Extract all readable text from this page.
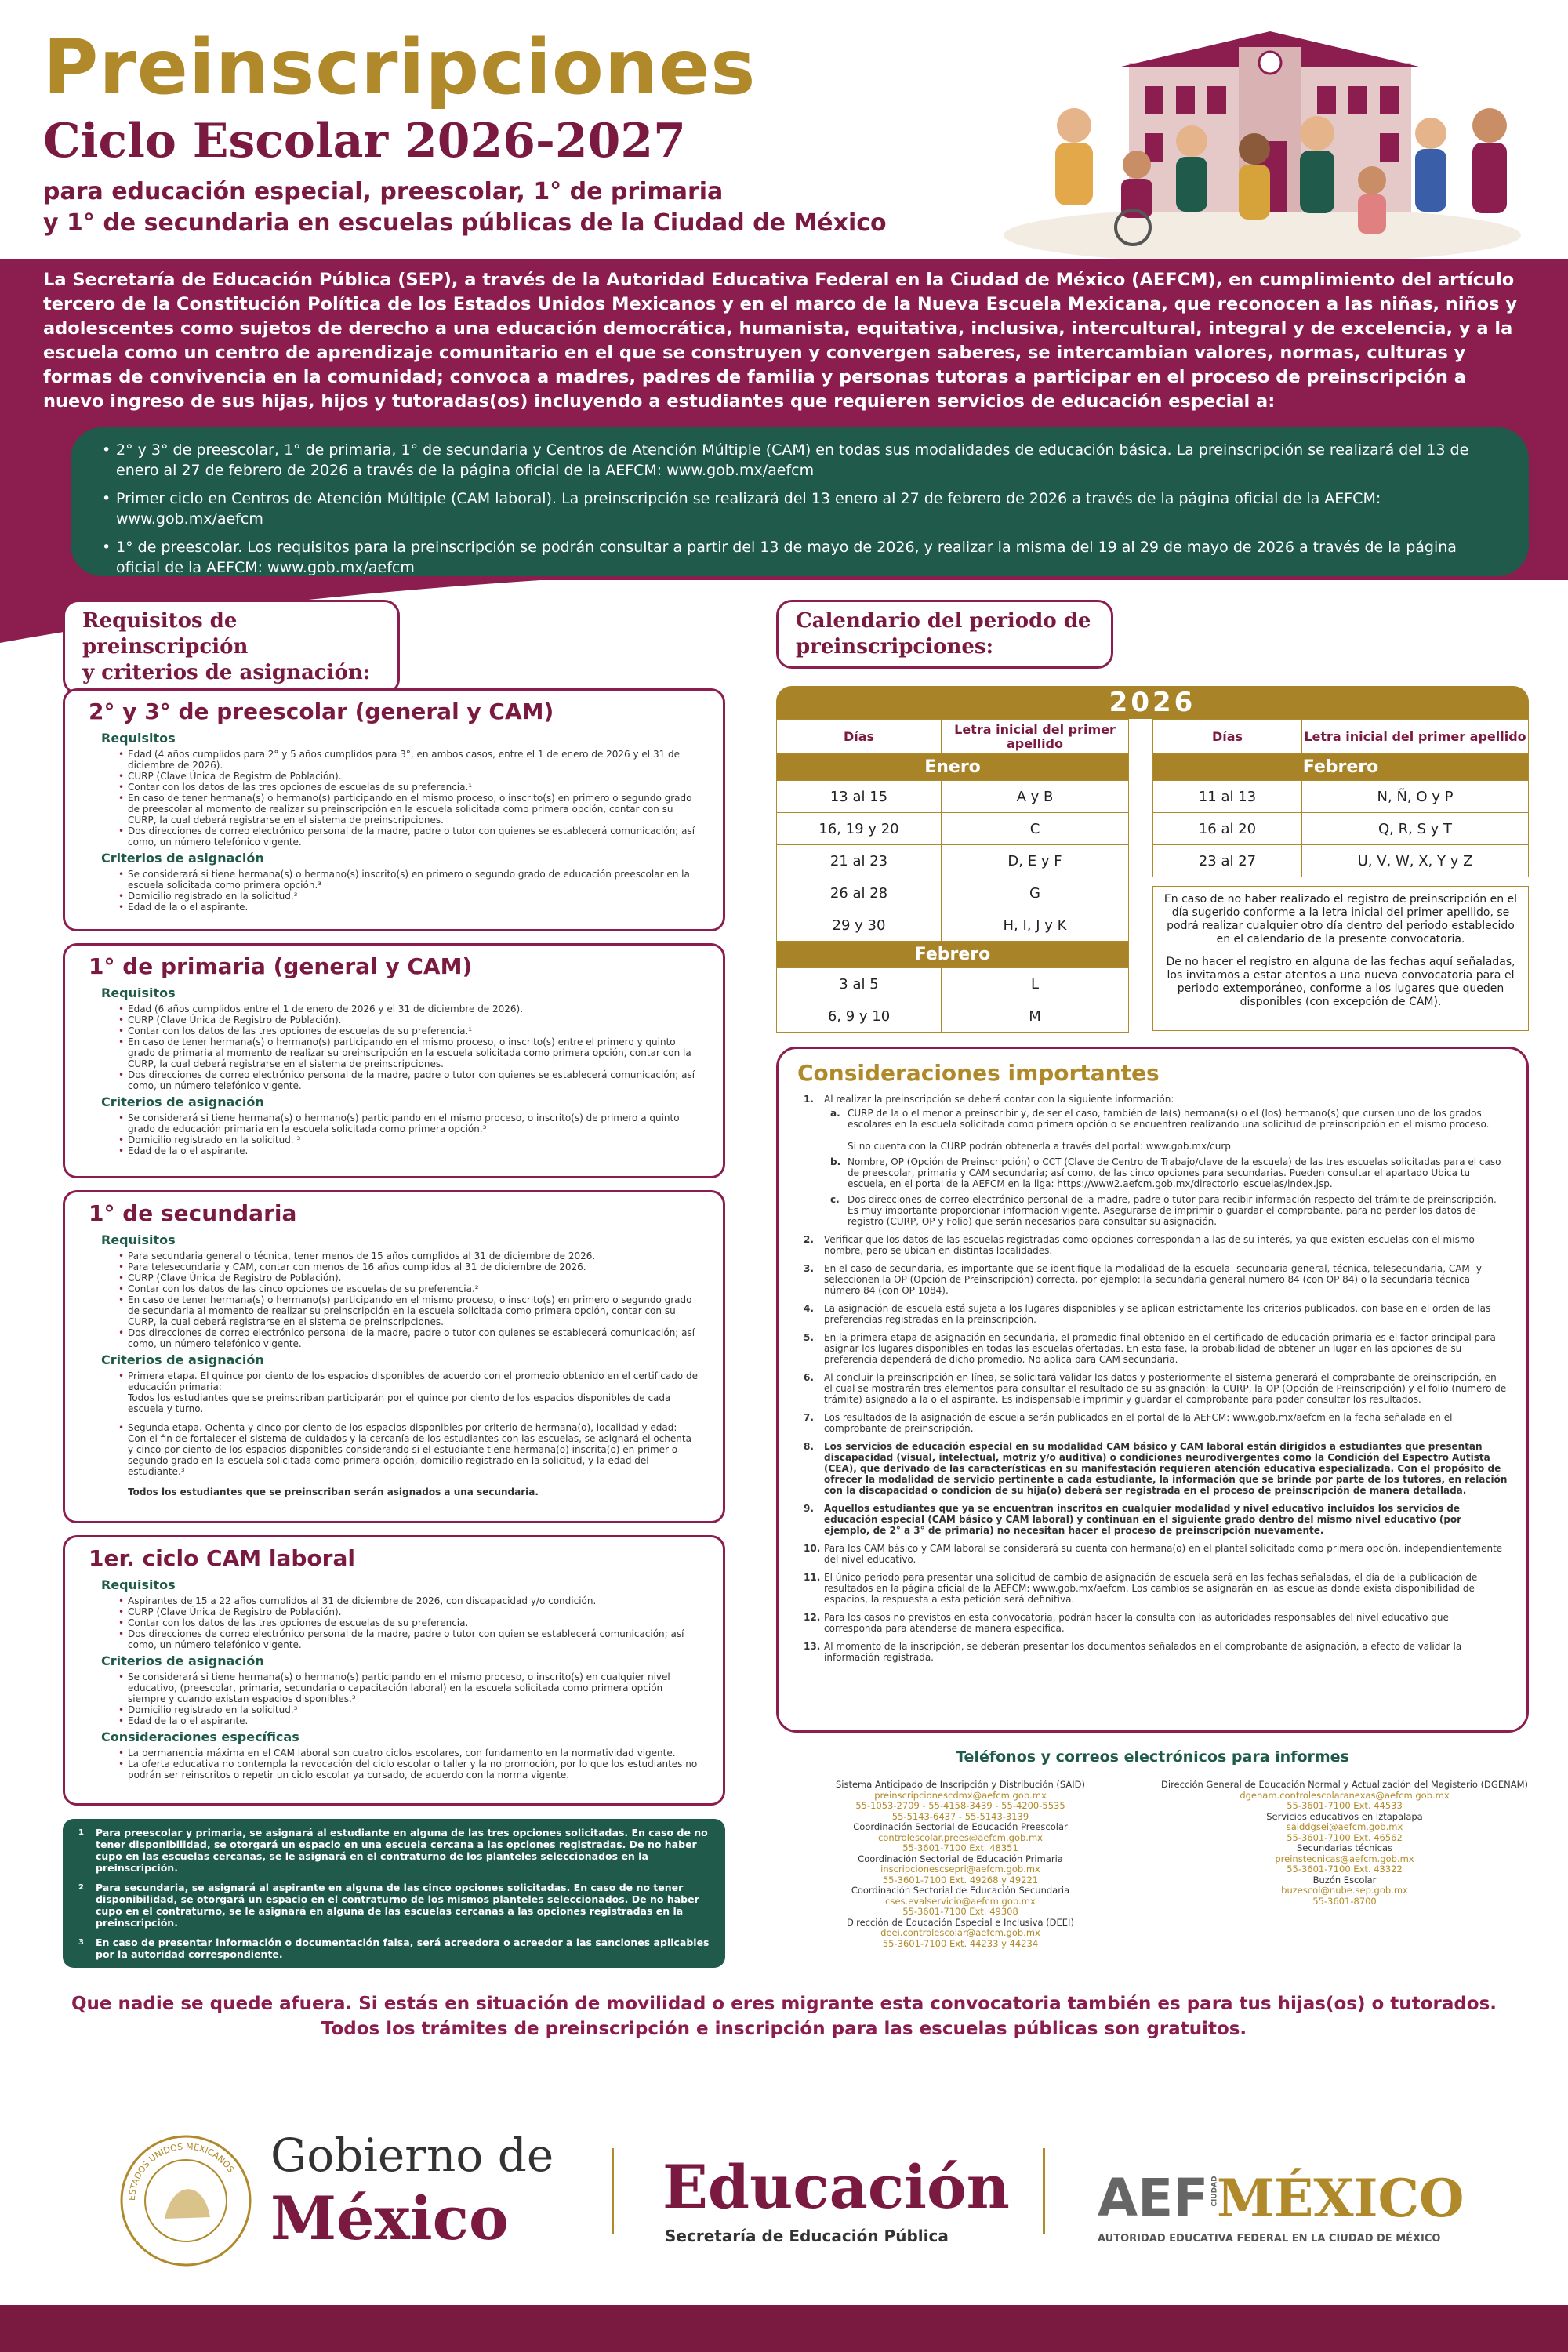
Preinscripciones
Ciclo Escolar 2026-2027
para educación especial, preescolar, 1° de primaria
y 1° de secundaria en escuelas públicas de la Ciudad de México
La Secretaría de Educación Pública (SEP), a través de la Autoridad Educativa Federal en la Ciudad de México (AEFCM), en cumplimiento del artículo tercero de la Constitución Política de los Estados Unidos Mexicanos y en el marco de la Nueva Escuela Mexicana, que reconocen a las niñas, niños y adolescentes como sujetos de derecho a una educación democrática, humanista, equitativa, inclusiva, intercultural, integral y de excelencia, y a la escuela como un centro de aprendizaje comunitario en el que se construyen y convergen saberes, se intercambian valores, normas, culturas y formas de convivencia en la comunidad; convoca a madres, padres de familia y personas tutoras a participar en el proceso de preinscripción a nuevo ingreso de sus hijas, hijos y tutoradas(os) incluyendo a estudiantes que requieren servicios de educación especial a:
• 2° y 3° de preescolar, 1° de primaria, 1° de secundaria y Centros de Atención Múltiple (CAM) en todas sus modalidades de educación básica. La preinscripción se realizará del 13 de enero al 27 de febrero de 2026 a través de la página oficial de la AEFCM: www.gob.mx/aefcm
• Primer ciclo en Centros de Atención Múltiple (CAM laboral). La preinscripción se realizará del 13 enero al 27 de febrero de 2026 a través de la página oficial de la AEFCM: www.gob.mx/aefcm
• 1° de preescolar. Los requisitos para la preinscripción se podrán consultar a partir del 13 de mayo de 2026, y realizar la misma del 19 al 29 de mayo de 2026 a través de la página oficial de la AEFCM: www.gob.mx/aefcm
Requisitos de preinscripción
y criterios de asignación:
Calendario del periodo de
preinscripciones:
2° y 3° de preescolar (general y CAM)
Requisitos
• Edad (4 años cumplidos para 2° y 5 años cumplidos para 3°, en ambos casos, entre el 1 de enero de 2026 y el 31 de diciembre de 2026).
• CURP (Clave Única de Registro de Población).
• Contar con los datos de las tres opciones de escuelas de su preferencia.¹
• En caso de tener hermana(s) o hermano(s) participando en el mismo proceso, o inscrito(s) en primero o segundo grado de preescolar al momento de realizar su preinscripción en la escuela solicitada como primera opción, contar con su CURP, la cual deberá registrarse en el sistema de preinscripciones.
• Dos direcciones de correo electrónico personal de la madre, padre o tutor con quienes se establecerá comunicación; así como, un número telefónico vigente.
Criterios de asignación
• Se considerará si tiene hermana(s) o hermano(s) inscrito(s) en primero o segundo grado de educación preescolar en la escuela solicitada como primera opción.³
• Domicilio registrado en la solicitud.³
• Edad de la o el aspirante.
1° de primaria (general y CAM)
Requisitos
• Edad (6 años cumplidos entre el 1 de enero de 2026 y el 31 de diciembre de 2026).
• CURP (Clave Única de Registro de Población).
• Contar con los datos de las tres opciones de escuelas de su preferencia.¹
• En caso de tener hermana(s) o hermano(s) participando en el mismo proceso, o inscrito(s) entre el primero y quinto grado de primaria al momento de realizar su preinscripción en la escuela solicitada como primera opción, contar con la CURP, la cual deberá registrarse en el sistema de preinscripciones.
• Dos direcciones de correo electrónico personal de la madre, padre o tutor con quienes se establecerá comunicación; así como, un número telefónico vigente.
Criterios de asignación
• Se considerará si tiene hermana(s) o hermano(s) participando en el mismo proceso, o inscrito(s) de primero a quinto grado de educación primaria en la escuela solicitada como primera opción.³
• Domicilio registrado en la solicitud. ³
• Edad de la o el aspirante.
1° de secundaria
Requisitos
• Para secundaria general o técnica, tener menos de 15 años cumplidos al 31 de diciembre de 2026.
• Para telesecundaria y CAM, contar con menos de 16 años cumplidos al 31 de diciembre de 2026.
• CURP (Clave Única de Registro de Población).
• Contar con los datos de las cinco opciones de escuelas de su preferencia.²
• En caso de tener hermana(s) o hermano(s) participando en el mismo proceso, o inscrito(s) en primero o segundo grado de secundaria al momento de realizar su preinscripción en la escuela solicitada como primera opción, contar con su CURP, la cual deberá registrarse en el sistema de preinscripciones.
• Dos direcciones de correo electrónico personal de la madre, padre o tutor con quienes se establecerá comunicación; así como, un número telefónico vigente.
Criterios de asignación
• Primera etapa. El quince por ciento de los espacios disponibles de acuerdo con el promedio obtenido en el certificado de educación primaria:

Todos los estudiantes que se preinscriban participarán por el quince por ciento de los espacios disponibles de cada escuela y turno.

• Segunda etapa. Ochenta y cinco por ciento de los espacios disponibles por criterio de hermana(o), localidad y edad:

Con el fin de fortalecer el sistema de cuidados y la cercanía de los estudiantes con las escuelas, se asignará el ochenta y cinco por ciento de los espacios disponibles considerando si el estudiante tiene hermana(o) inscrita(o) en primer o segundo grado en la escuela solicitada como primera opción, domicilio registrado en la solicitud, y la edad del estudiante.³

Todos los estudiantes que se preinscriban serán asignados a una secundaria.

1er. ciclo CAM laboral
Requisitos
• Aspirantes de 15 a 22 años cumplidos al 31 de diciembre de 2026, con discapacidad y/o condición.
• CURP (Clave Única de Registro de Población).
• Contar con los datos de las tres opciones de escuelas de su preferencia.
• Dos direcciones de correo electrónico personal de la madre, padre o tutor con quien se establecerá comunicación; así como, un número telefónico vigente.
Criterios de asignación
• Se considerará si tiene hermana(s) o hermano(s) participando en el mismo proceso, o inscrito(s) en cualquier nivel educativo, (preescolar, primaria, secundaria o capacitación laboral) en la escuela solicitada como primera opción siempre y cuando existan espacios disponibles.³
• Domicilio registrado en la solicitud.³
• Edad de la o el aspirante.
Consideraciones específicas
• La permanencia máxima en el CAM laboral son cuatro ciclos escolares, con fundamento en la normatividad vigente.
• La oferta educativa no contempla la revocación del ciclo escolar o taller y la no promoción, por lo que los estudiantes no podrán ser reinscritos o repetir un ciclo escolar ya cursado, de acuerdo con la norma vigente.
1 Para preescolar y primaria, se asignará al estudiante en alguna de las tres opciones solicitadas. En caso de no tener disponibilidad, se otorgará un espacio en una escuela cercana a las opciones registradas. De no haber cupo en las escuelas cercanas, se le asignará en el contraturno de los planteles seleccionados en la preinscripción.
2 Para secundaria, se asignará al aspirante en alguna de las cinco opciones solicitadas. En caso de no tener disponibilidad, se otorgará un espacio en el contraturno de los mismos planteles seleccionados. De no haber cupo en el contraturno, se le asignará en alguna de las escuelas cercanas a las opciones registradas en la preinscripción.
3 En caso de presentar información o documentación falsa, será acreedora o acreedor a las sanciones aplicables por la autoridad correspondiente.
2026
Días	Letra inicial del primer apellido
Enero	
13 al 15	A y B
16, 19 y 20	C
21 al 23	D, E y F
26 al 28	G
29 y 30	H, I, J y K
Febrero	
3 al 5	L
6, 9 y 10	M
Días	Letra inicial del primer apellido
Febrero	
11 al 13	N, Ñ, O y P
16 al 20	Q, R, S y T
23 al 27	U, V, W, X, Y y Z
En caso de no haber realizado el registro de preinscripción en el día sugerido conforme a la letra inicial del primer apellido, se podrá realizar cualquier otro día dentro del periodo establecido en el calendario de la presente convocatoria.
De no hacer el registro en alguna de las fechas aquí señaladas, los invitamos a estar atentos a una nueva convocatoria para el periodo extemporáneo, conforme a los lugares que queden disponibles (con excepción de CAM).
Consideraciones importantes
1. Al realizar la preinscripción se deberá contar con la siguiente información:
a. CURP de la o el menor a preinscribir y, de ser el caso, también de la(s) hermana(s) o el (los) hermano(s) que cursen uno de los grados escolares en la escuela solicitada como primera opción o se encuentren realizando una solicitud de preinscripción en el mismo proceso.

Si no cuenta con la CURP podrán obtenerla a través del portal: www.gob.mx/curp
b. Nombre, OP (Opción de Preinscripción) o CCT (Clave de Centro de Trabajo/clave de la escuela) de las tres escuelas solicitadas para el caso de preescolar, primaria y CAM secundaria; así como, de las cinco opciones para secundarias. Pueden consultar el apartado Ubica tu escuela, en el portal de la AEFCM en la liga: https://www2.aefcm.gob.mx/directorio_escuelas/index.jsp.
c. Dos direcciones de correo electrónico personal de la madre, padre o tutor para recibir información respecto del trámite de preinscripción. Es muy importante proporcionar información vigente. Asegurarse de imprimir o guardar el comprobante, para no perder los datos de registro (CURP, OP y Folio) que serán necesarios para consultar su asignación.
2. Verificar que los datos de las escuelas registradas como opciones correspondan a las de su interés, ya que existen escuelas con el mismo nombre, pero se ubican en distintas localidades.
3. En el caso de secundaria, es importante que se identifique la modalidad de la escuela -secundaria general, técnica, telesecundaria, CAM- y seleccionen la OP (Opción de Preinscripción) correcta, por ejemplo: la secundaria general número 84 (con OP 84) o la secundaria técnica número 84 (con OP 1084).
4. La asignación de escuela está sujeta a los lugares disponibles y se aplican estrictamente los criterios publicados, con base en el orden de las preferencias registradas en la preinscripción.
5. En la primera etapa de asignación en secundaria, el promedio final obtenido en el certificado de educación primaria es el factor principal para asignar los lugares disponibles en todas las escuelas ofertadas. En esta fase, la probabilidad de obtener un lugar en las opciones de su preferencia dependerá de dicho promedio. No aplica para CAM secundaria.
6. Al concluir la preinscripción en línea, se solicitará validar los datos y posteriormente el sistema generará el comprobante de preinscripción, en el cual se mostrarán tres elementos para consultar el resultado de su asignación: la CURP, la OP (Opción de Preinscripción) y el folio (número de trámite) asignado a la o el aspirante. Es indispensable imprimir y guardar el comprobante para poder consultar los resultados.
7. Los resultados de la asignación de escuela serán publicados en el portal de la AEFCM: www.gob.mx/aefcm en la fecha señalada en el comprobante de preinscripción.
8. Los servicios de educación especial en su modalidad CAM básico y CAM laboral están dirigidos a estudiantes que presentan discapacidad (visual, intelectual, motriz y/o auditiva) o condiciones neurodivergentes como la Condición del Espectro Autista (CEA), que derivado de las características en su manifestación requieren atención educativa especializada. Con el propósito de ofrecer la modalidad de servicio pertinente a cada estudiante, la información que se brinde por parte de los tutores, en relación con la discapacidad o condición de su hija(o) deberá ser registrada en el proceso de preinscripción de manera detallada.
9. Aquellos estudiantes que ya se encuentran inscritos en cualquier modalidad y nivel educativo incluidos los servicios de educación especial (CAM básico y CAM laboral) y continúan en el siguiente grado dentro del mismo nivel educativo (por ejemplo, de 2° a 3° de primaria) no necesitan hacer el proceso de preinscripción nuevamente.
10. Para los CAM básico y CAM laboral se considerará su cuenta con hermana(o) en el plantel solicitado como primera opción, independientemente del nivel educativo.
11. El único periodo para presentar una solicitud de cambio de asignación de escuela será en las fechas señaladas, el día de la publicación de resultados en la página oficial de la AEFCM: www.gob.mx/aefcm. Los cambios se asignarán en las escuelas donde exista disponibilidad de espacios, la respuesta a esta petición será definitiva.
12. Para los casos no previstos en esta convocatoria, podrán hacer la consulta con las autoridades responsables del nivel educativo que corresponda para atenderse de manera específica.
13. Al momento de la inscripción, se deberán presentar los documentos señalados en el comprobante de asignación, a efecto de validar la información registrada.
Teléfonos y correos electrónicos para informes
Sistema Anticipado de Inscripción y Distribución (SAID)
preinscripcionescdmx@aefcm.gob.mx
55-1053-2709 - 55-4158-3439 - 55-4200-5535
55-5143-6437 - 55-5143-3139
Coordinación Sectorial de Educación Preescolar
controlescolar.prees@aefcm.gob.mx
55-3601-7100 Ext. 48351
Coordinación Sectorial de Educación Primaria
inscripcionescsepri@aefcm.gob.mx
55-3601-7100 Ext. 49268 y 49221
Coordinación Sectorial de Educación Secundaria
cses.evalservicio@aefcm.gob.mx
55-3601-7100 Ext. 49308
Dirección de Educación Especial e Inclusiva (DEEI)
deei.controlescolar@aefcm.gob.mx
55-3601-7100 Ext. 44233 y 44234
Dirección General de Educación Normal y Actualización del Magisterio (DGENAM)
dgenam.controlescolaranexas@aefcm.gob.mx
55-3601-7100 Ext. 44533
Servicios educativos en Iztapalapa
saiddgsei@aefcm.gob.mx
55-3601-7100 Ext. 46562
Secundarias técnicas
preinstecnicas@aefcm.gob.mx
55-3601-7100 Ext. 43322
Buzón Escolar
buzescol@nube.sep.gob.mx
55-3601-8700
Que nadie se quede afuera. Si estás en situación de movilidad o eres migrante esta convocatoria también es para tus hijas(os) o tutorados.
Todos los trámites de preinscripción e inscripción para las escuelas públicas son gratuitos.
ESTADOS UNIDOS MEXICANOS Gobierno de
México	Educación
Secretaría de Educación Pública
AEF CIUDAD
MÉXICO
AUTORIDAD EDUCATIVA FEDERAL EN LA CIUDAD DE MÉXICO
